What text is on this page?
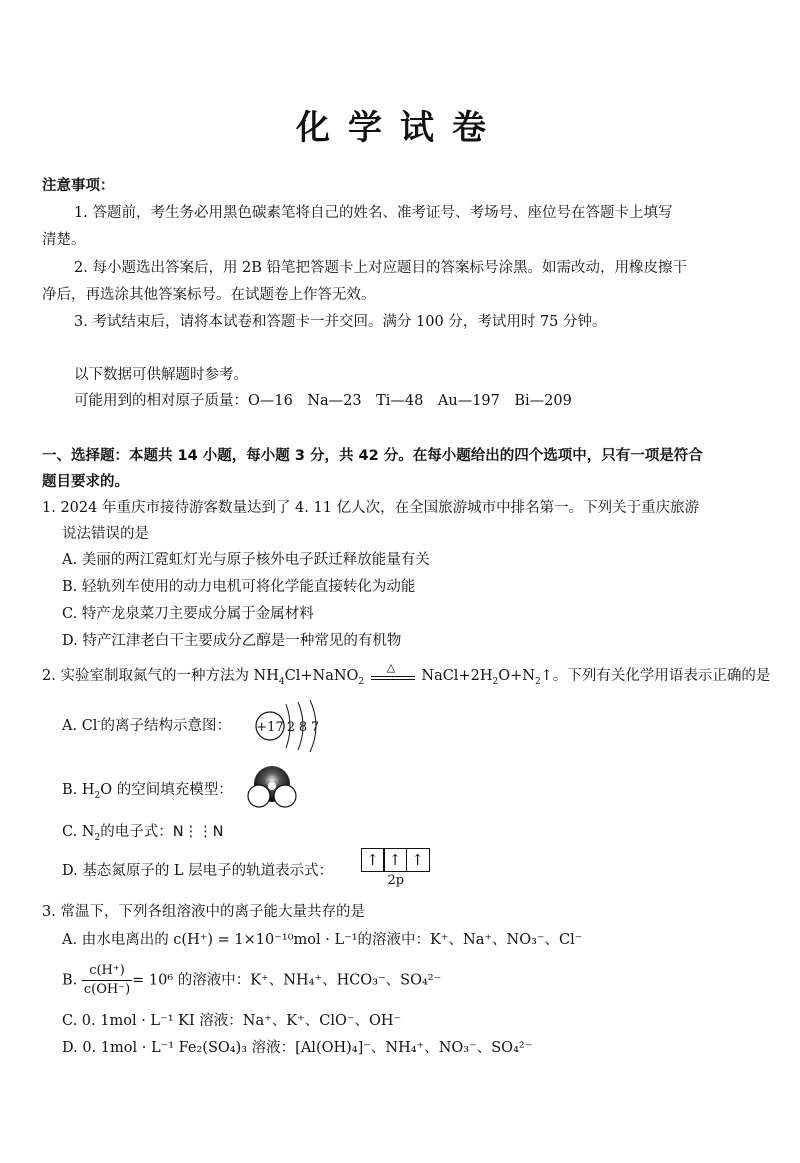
化学试卷
注意事项：
1. 答题前，考生务必用黑色碳素笔将自己的姓名、准考证号、考场号、座位号在答题卡上填写
清楚。
2. 每小题选出答案后，用 2B 铅笔把答题卡上对应题目的答案标号涂黑。如需改动，用橡皮擦干
净后，再选涂其他答案标号。在试题卷上作答无效。
3. 考试结束后，请将本试卷和答题卡一并交回。满分 100 分，考试用时 75 分钟。
以下数据可供解题时参考。
可能用到的相对原子质量：O—16　Na—23　Ti—48　Au—197　Bi—209
一、选择题：本题共 14 小题，每小题 3 分，共 42 分。在每小题给出的四个选项中，只有一项是符合
题目要求的。
1. 2024 年重庆市接待游客数量达到了 4. 11 亿人次，在全国旅游城市中排名第一。下列关于重庆旅游
说法错误的是
A. 美丽的两江霓虹灯光与原子核外电子跃迁释放能量有关
B. 轻轨列车使用的动力电机可将化学能直接转化为动能
C. 特产龙泉菜刀主要成分属于金属材料
D. 特产江津老白干主要成分乙醇是一种常见的有机物
2. 实验室制取氮气的一种方法为 $NH_4Cl+NaNO_2$
△
$NaCl+2H_2O+N_2↑$。下列有关化学用语表示正确的是
A. Cl-的离子结构示意图： +17 2 8 7
B. $H_2O$ 的空间填充模型：
C. $N_2$的电子式：N⋮⋮N
D. 基态氮原子的 L 层电子的轨道表示式：
↑ ↑ ↑
2p
3. 常温下，下列各组溶液中的离子能大量共存的是
A. 由水电离出的 c(H⁺) = 1×10⁻¹⁰mol · L⁻¹的溶液中：K⁺、Na⁺、NO₃⁻、Cl⁻
B. $\frac{c(H^+)}{c(OH^-)} = 10^6$ 的溶液中：K⁺、NH₄⁺、HCO₃⁻、SO₄²⁻
C. 0. 1mol · L⁻¹ KI 溶液：Na⁺、K⁺、ClO⁻、OH⁻
D. 0. 1mol · L⁻¹ Fe₂(SO₄)₃ 溶液：[Al(OH)₄]⁻、NH₄⁺、NO₃⁻、SO₄²⁻
